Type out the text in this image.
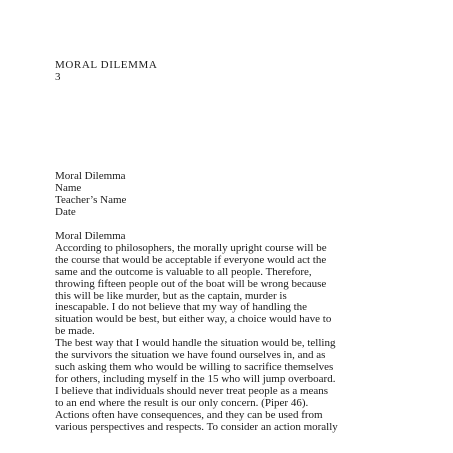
MORAL DILEMMA
3
Moral Dilemma
Name
Teacher’s Name
Date
Moral Dilemma
According to philosophers, the morally upright course will be
the course that would be acceptable if everyone would act the
same and the outcome is valuable to all people. Therefore,
throwing fifteen people out of the boat will be wrong because
this will be like murder, but as the captain, murder is
inescapable. I do not believe that my way of handling the
situation would be best, but either way, a choice would have to
be made.
The best way that I would handle the situation would be, telling
the survivors the situation we have found ourselves in, and as
such asking them who would be willing to sacrifice themselves
for others, including myself in the 15 who will jump overboard.
I believe that individuals should never treat people as a means
to an end where the result is our only concern. (Piper 46).
Actions often have consequences, and they can be used from
various perspectives and respects. To consider an action morally
